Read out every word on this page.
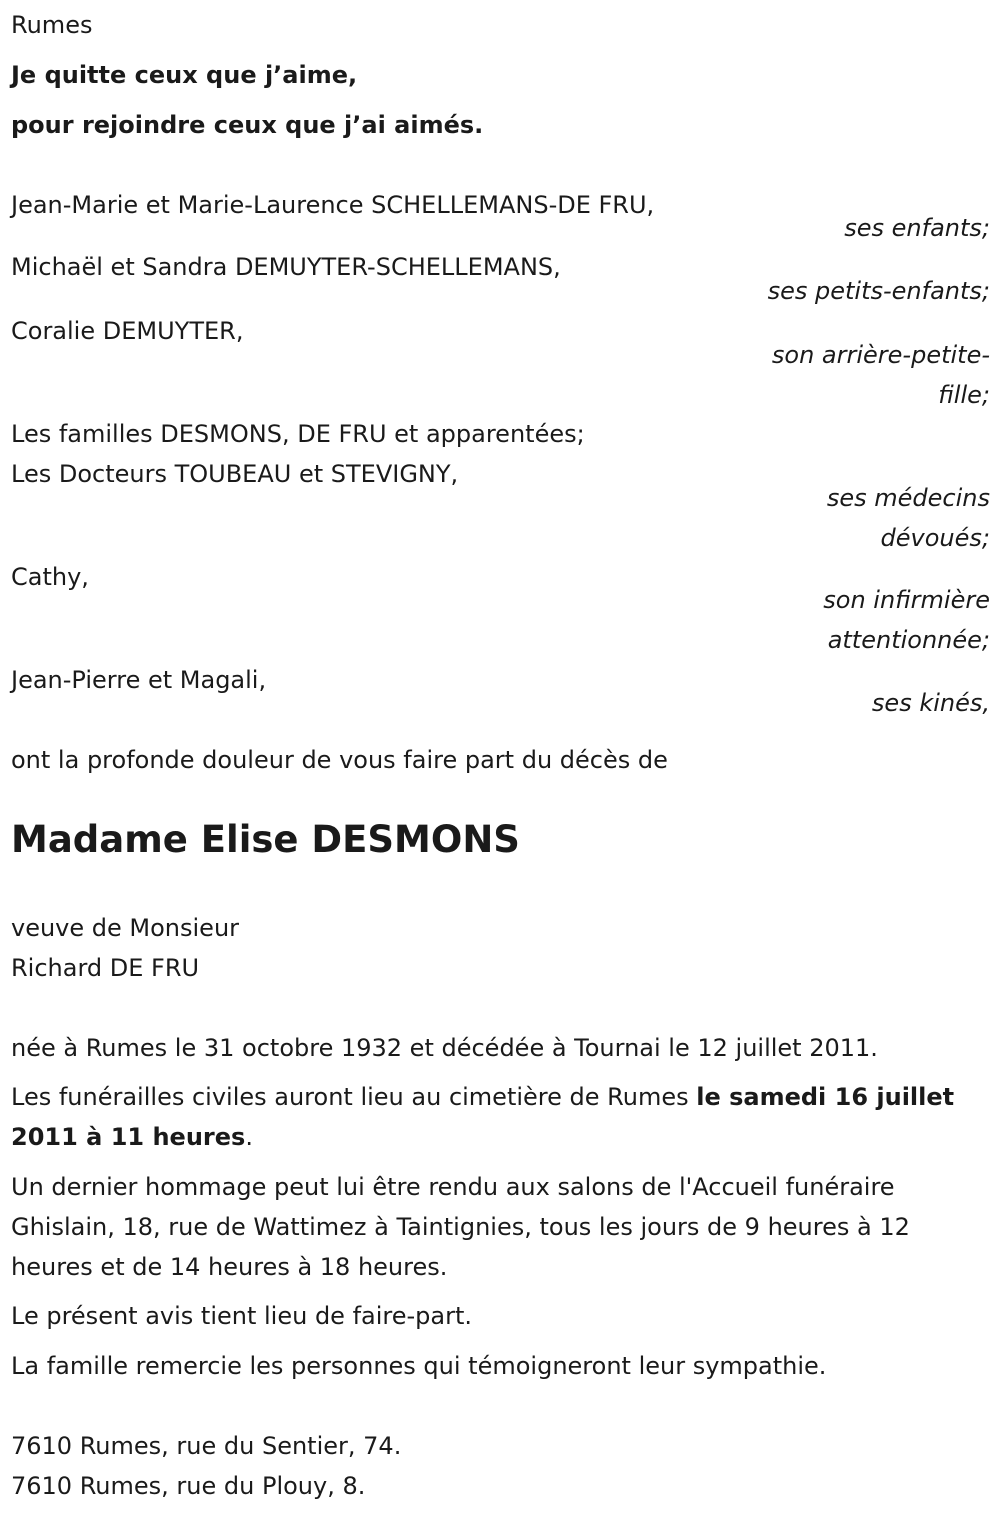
Rumes
Je quitte ceux que j’aime,
pour rejoindre ceux que j’ai aimés.
Jean-Marie et Marie-Laurence SCHELLEMANS-DE FRU,
ses enfants;
Michaël et Sandra DEMUYTER-SCHELLEMANS,
ses petits-enfants;
Coralie DEMUYTER,
son arrière-petite-
fille;
Les familles DESMONS, DE FRU et apparentées;
Les Docteurs TOUBEAU et STEVIGNY,
ses médecins
dévoués;
Cathy,
son infirmière
attentionnée;
Jean-Pierre et Magali,
ses kinés,
ont la profonde douleur de vous faire part du décès de
Madame Elise DESMONS
veuve de Monsieur
Richard DE FRU
née à Rumes le 31 octobre 1932 et décédée à Tournai le 12 juillet 2011.
Les funérailles civiles auront lieu au cimetière de Rumes le samedi 16 juillet 2011 à 11 heures.
Un dernier hommage peut lui être rendu aux salons de l'Accueil funéraire Ghislain, 18, rue de Wattimez à Taintignies, tous les jours de 9 heures à 12 heures et de 14 heures à 18 heures.
Le présent avis tient lieu de faire-part.
La famille remercie les personnes qui témoigneront leur sympathie.
7610 Rumes, rue du Sentier, 74.
7610 Rumes, rue du Plouy, 8.
